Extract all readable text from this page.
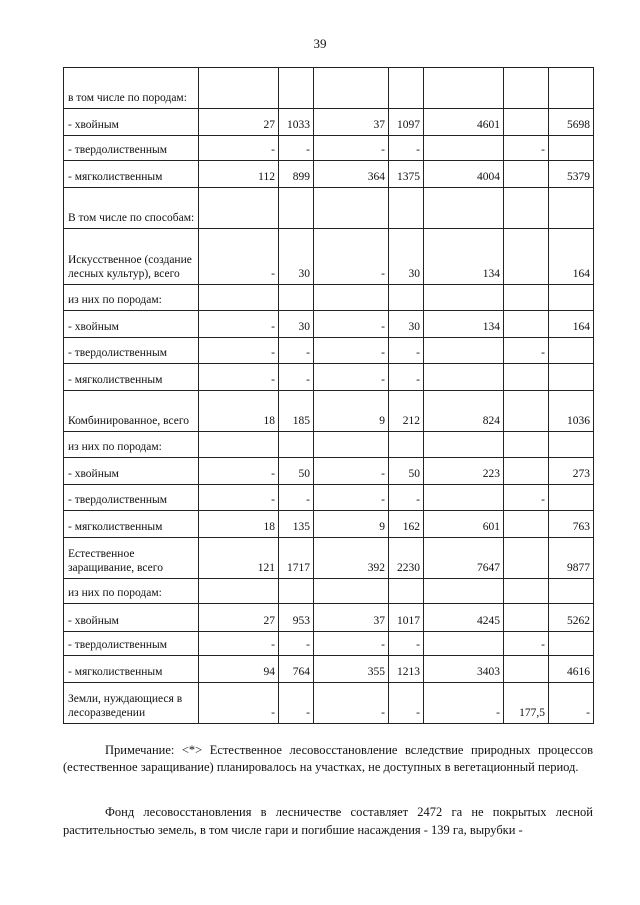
39
в том числе по породам:							
- хвойным	27	1033	37	1097	4601		5698
- твердолиственным	-	-	-	-		-	
- мягколиственным	112	899	364	1375	4004		5379
В том числе по способам:							
Искусственное (создание лесных культур), всего	-	30	-	30	134		164
из них по породам:							
- хвойным	-	30	-	30	134		164
- твердолиственным	-	-	-	-		-	
- мягколиственным	-	-	-	-			
Комбинированное, всего	18	185	9	212	824		1036
из них по породам:							
- хвойным	-	50	-	50	223		273
- твердолиственным	-	-	-	-		-	
- мягколиственным	18	135	9	162	601		763
Естественное заращивание, всего	121	1717	392	2230	7647		9877
из них по породам:							
- хвойным	27	953	37	1017	4245		5262
- твердолиственным	-	-	-	-		-	
- мягколиственным	94	764	355	1213	3403		4616
Земли, нуждающиеся в лесоразведении	-	-	-	-	-	177,5	-
Примечание: <*> Естественное лесовосстановление вследствие природных процессов (естественное заращивание) планировалось на участках, не доступных в вегетационный период.
Фонд лесовосстановления в лесничестве составляет 2472 га не покрытых лесной растительностью земель, в том числе гари и погибшие насаждения - 139 га, вырубки -
